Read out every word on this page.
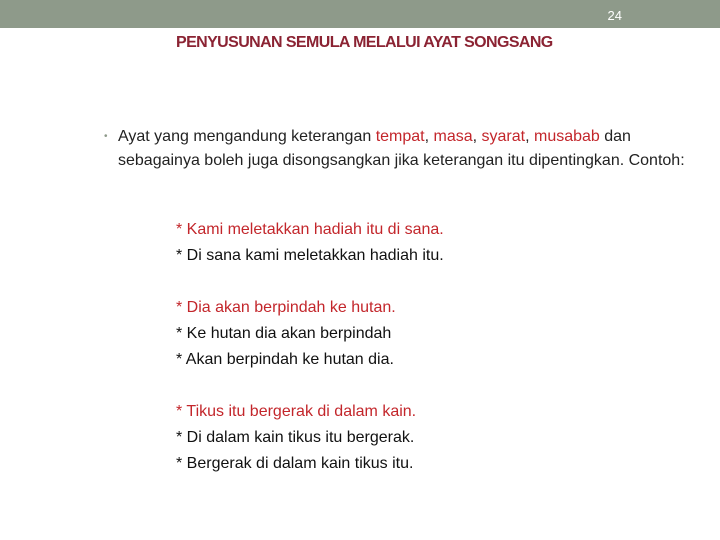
24
PENYUSUNAN SEMULA MELALUI AYAT SONGSANG
• Ayat yang mengandung keterangan tempat, masa, syarat, musabab dan sebagainya boleh juga disongsangkan jika keterangan itu dipentingkan. Contoh:
* Kami meletakkan hadiah itu di sana.
* Di sana kami meletakkan hadiah itu.
* Dia akan berpindah ke hutan.
* Ke hutan dia akan berpindah
* Akan berpindah ke hutan dia.
* Tikus itu bergerak di dalam kain.
* Di dalam kain tikus itu bergerak.
* Bergerak di dalam kain tikus itu.
